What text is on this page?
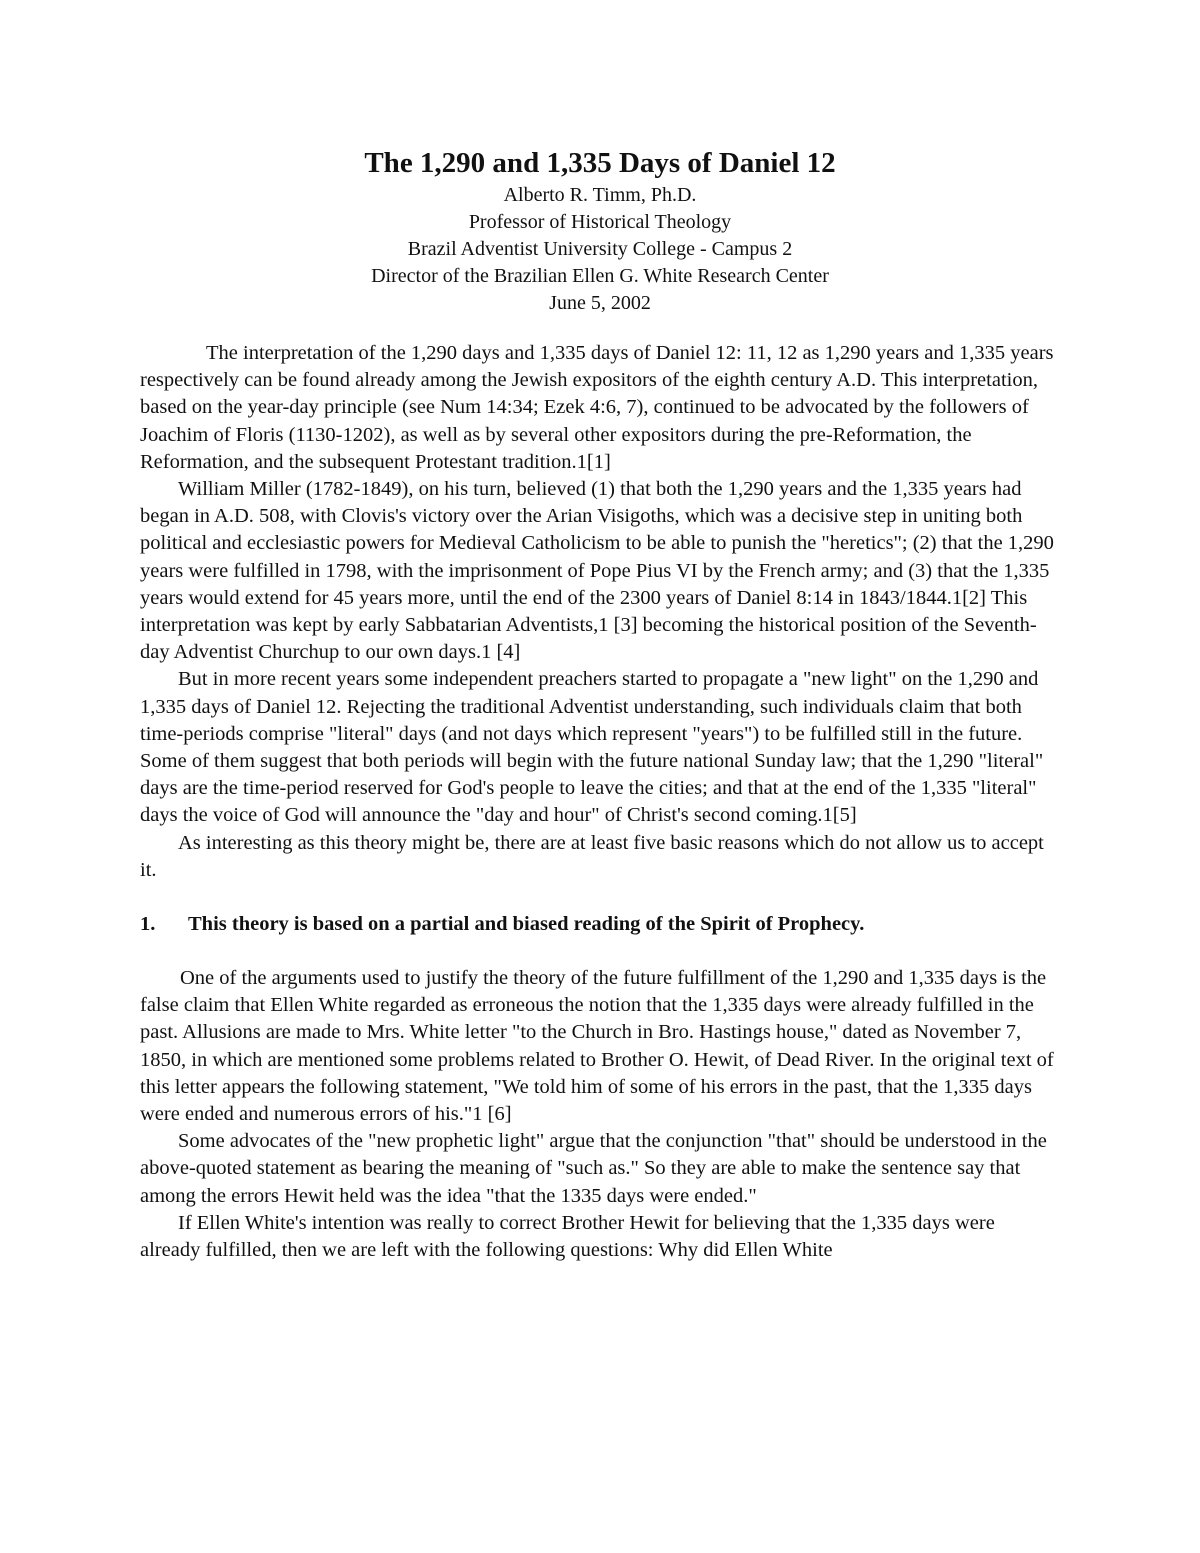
The 1,290 and 1,335 Days of Daniel 12

Alberto R. Timm, Ph.D.

Professor of Historical Theology

Brazil Adventist University College - Campus 2

Director of the Brazilian Ellen G. White Research Center

June 5, 2002

The interpretation of the 1,290 days and 1,335 days of Daniel 12: 11, 12 as 1,290 years and 1,335 years respectively can be found already among the Jewish expositors of the eighth century A.D. This interpretation, based on the year-day principle (see Num 14:34; Ezek 4:6, 7), continued to be advocated by the followers of Joachim of Floris (1130-1202), as well as by several other expositors during the pre-Reformation, the Reformation, and the subsequent Protestant tradition.1[1]

William Miller (1782-1849), on his turn, believed (1) that both the 1,290 years and the 1,335 years had began in A.D. 508, with Clovis's victory over the Arian Visigoths, which was a decisive step in uniting both political and ecclesiastic powers for Medieval Catholicism to be able to punish the "heretics"; (2) that the 1,290 years were fulfilled in 1798, with the imprisonment of Pope Pius VI by the French army; and (3) that the 1,335 years would extend for 45 years more, until the end of the 2300 years of Daniel 8:14 in 1843/1844.1[2] This interpretation was kept by early Sabbatarian Adventists,1 [3] becoming the historical position of the Seventh-day Adventist Churchup to our own days.1 [4]

But in more recent years some independent preachers started to propagate a "new light" on the 1,290 and 1,335 days of Daniel 12. Rejecting the traditional Adventist understanding, such individuals claim that both time-periods comprise "literal" days (and not days which represent "years") to be fulfilled still in the future. Some of them suggest that both periods will begin with the future national Sunday law; that the 1,290 "literal" days are the time-period reserved for God's people to leave the cities; and that at the end of the 1,335 "literal" days the voice of God will announce the "day and hour" of Christ's second coming.1[5]

As interesting as this theory might be, there are at least five basic reasons which do not allow us to accept it.

1.	This theory is based on a partial and biased reading of the Spirit of Prophecy.

One of the arguments used to justify the theory of the future fulfillment of the 1,290 and 1,335 days is the false claim that Ellen White regarded as erroneous the notion that the 1,335 days were already fulfilled in the past. Allusions are made to Mrs. White letter "to the Church in Bro. Hastings house," dated as November 7, 1850, in which are mentioned some problems related to Brother O. Hewit, of Dead River. In the original text of this letter appears the following statement, "We told him of some of his errors in the past, that the 1,335 days were ended and numerous errors of his."1 [6]

Some advocates of the "new prophetic light" argue that the conjunction "that" should be understood in the above-quoted statement as bearing the meaning of "such as." So they are able to make the sentence say that among the errors Hewit held was the idea "that the 1335 days were ended."

If Ellen White's intention was really to correct Brother Hewit for believing that the 1,335 days were already fulfilled, then we are left with the following questions: Why did Ellen White
